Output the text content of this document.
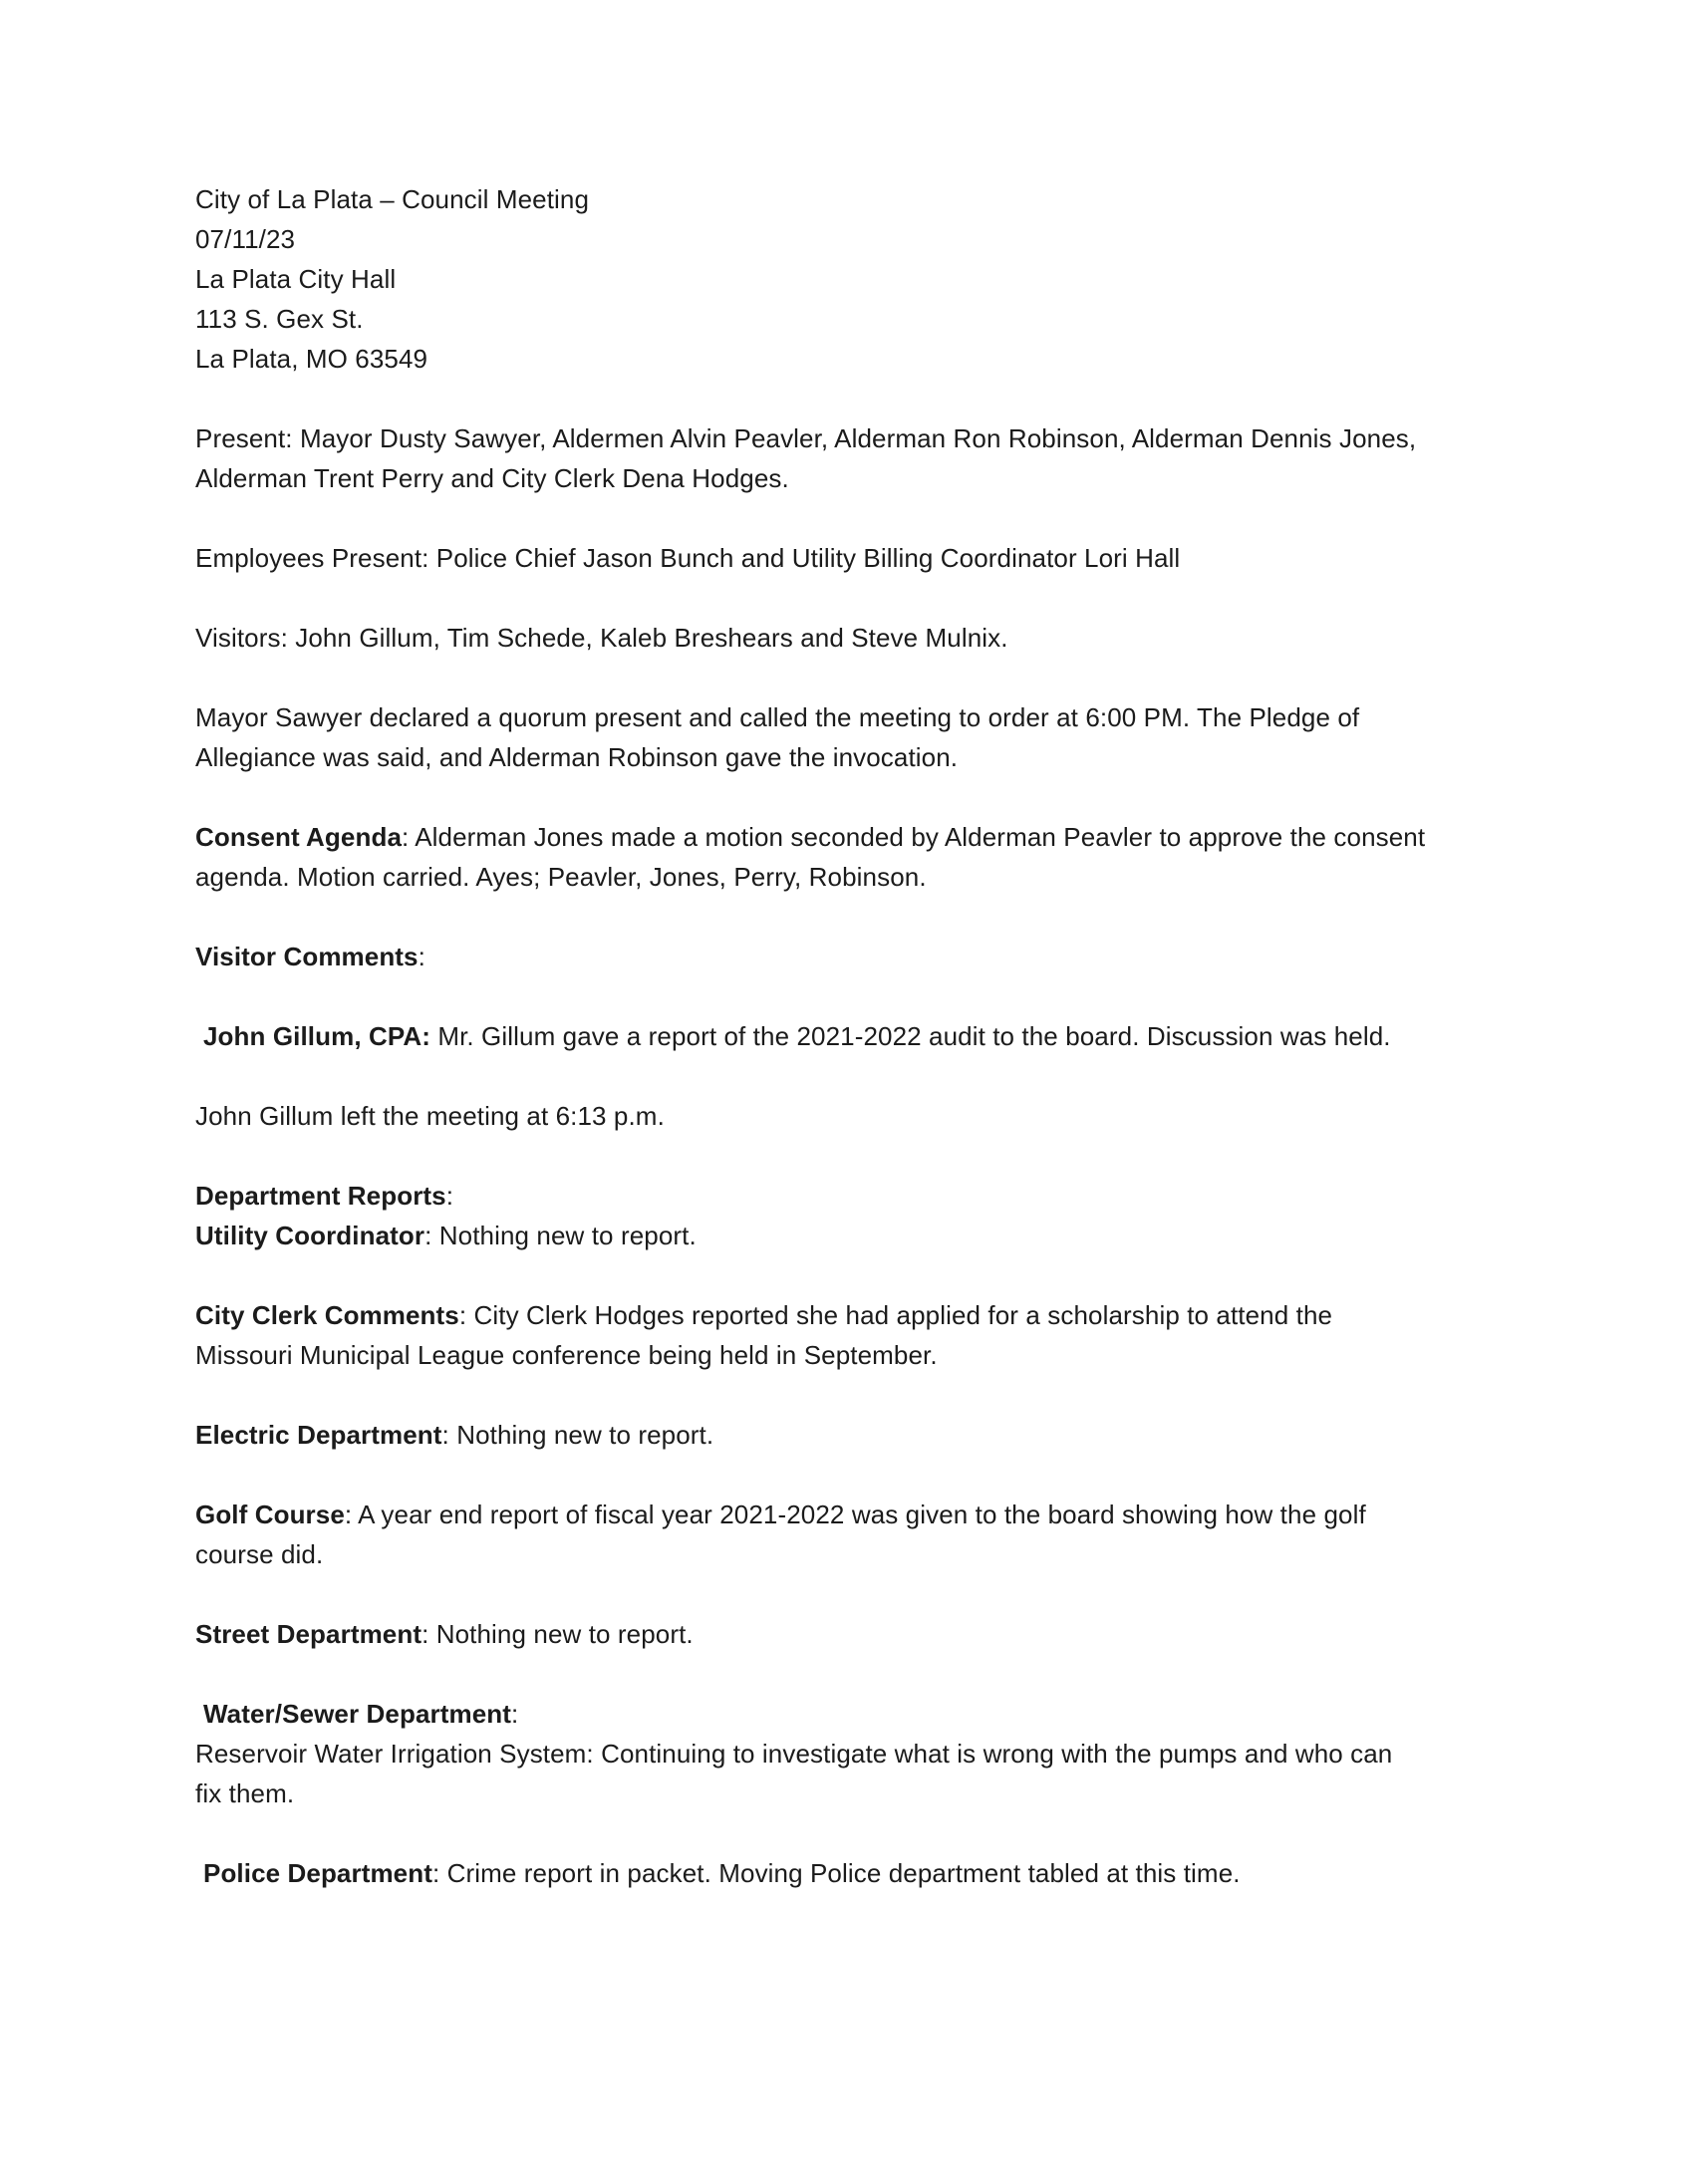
City of La Plata – Council Meeting
07/11/23
La Plata City Hall
113 S. Gex St.
La Plata, MO 63549
Present: Mayor Dusty Sawyer, Aldermen Alvin Peavler, Alderman Ron Robinson, Alderman Dennis Jones,
Alderman Trent Perry and City Clerk Dena Hodges.
Employees Present: Police Chief Jason Bunch and Utility Billing Coordinator Lori Hall
Visitors: John Gillum, Tim Schede, Kaleb Breshears and Steve Mulnix.
Mayor Sawyer declared a quorum present and called the meeting to order at 6:00 PM. The Pledge of
Allegiance was said, and Alderman Robinson gave the invocation.
Consent Agenda: Alderman Jones made a motion seconded by Alderman Peavler to approve the consent
agenda. Motion carried. Ayes; Peavler, Jones, Perry, Robinson.
Visitor Comments:
John Gillum, CPA: Mr. Gillum gave a report of the 2021-2022 audit to the board. Discussion was held.
John Gillum left the meeting at 6:13 p.m.
Department Reports:
Utility Coordinator: Nothing new to report.
City Clerk Comments: City Clerk Hodges reported she had applied for a scholarship to attend the
Missouri Municipal League conference being held in September.
Electric Department: Nothing new to report.
Golf Course: A year end report of fiscal year 2021-2022 was given to the board showing how the golf
course did.
Street Department: Nothing new to report.
Water/Sewer Department:
Reservoir Water Irrigation System: Continuing to investigate what is wrong with the pumps and who can
fix them.
Police Department: Crime report in packet. Moving Police department tabled at this time.
